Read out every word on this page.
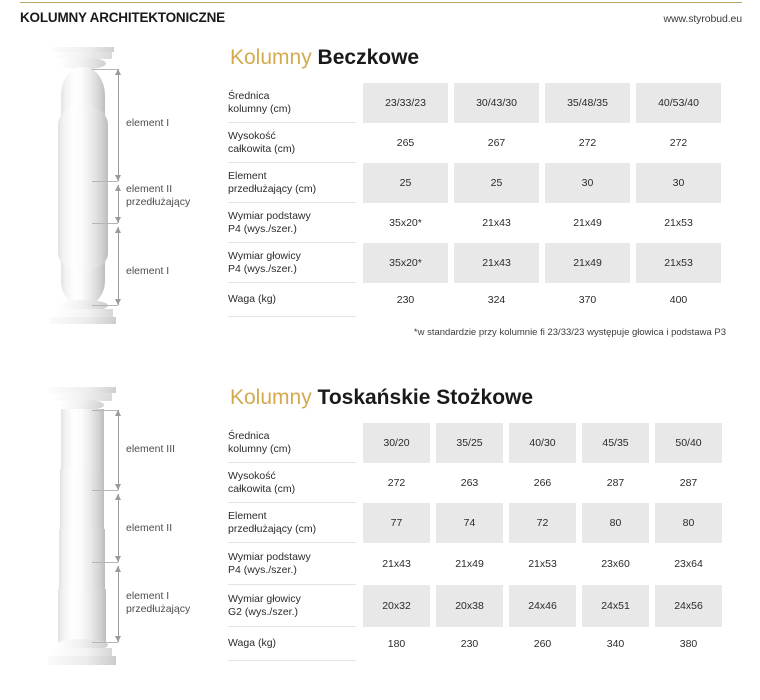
KOLUMNY ARCHITEKTONICZNE	www.styrobud.eu
element I
element II
przedłużający
element I
Kolumny Beczkowe
Średnica
kolumny (cm)		23/33/23	30/43/30	35/48/35	40/53/40

Wysokość
całkowita (cm)		265	267	272	272

Element
przedłużający (cm)		25	25	30	30

Wymiar podstawy
P4 (wys./szer.)		35x20*	21x43	21x49	21x53

Wymiar głowicy
P4 (wys./szer.)		35x20*	21x43	21x49	21x53

Waga (kg)		230	324	370	400
*w standardzie przy kolumnie fi 23/33/23 występuje głowica i podstawa P3
element III
element II
element I
przedłużający
Kolumny Toskańskie Stożkowe
Średnica
kolumny (cm)		30/20	35/25	40/30	45/35	50/40

Wysokość
całkowita (cm)		272	263	266	287	287

Element
przedłużający (cm)		77	74	72	80	80

Wymiar podstawy
P4 (wys./szer.)		21x43	21x49	21x53	23x60	23x64

Wymiar głowicy
G2 (wys./szer.)		20x32	20x38	24x46	24x51	24x56

Waga (kg)		180	230	260	340	380
